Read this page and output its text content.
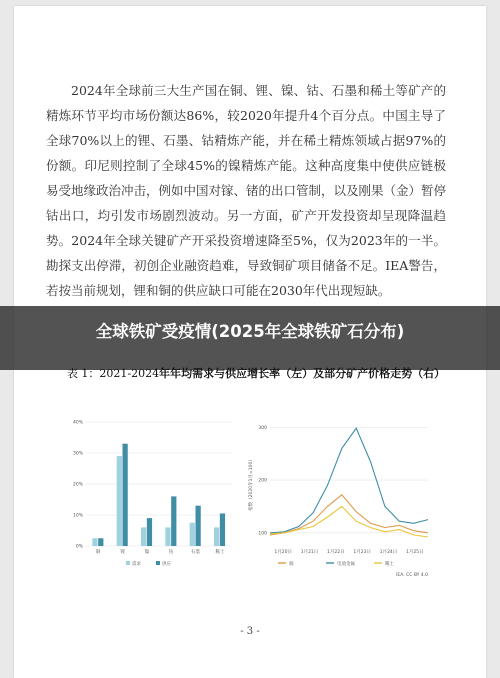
2024年全球前三大生产国在铜、锂、镍、钴、石墨和稀土等矿产的精炼环节平均市场份额达86%，较2020年提升4个百分点。中国主导了全球70%以上的锂、石墨、钴精炼产能，并在稀土精炼领域占据97%的份额。印尼则控制了全球45%的镍精炼产能。这种高度集中使供应链极易受地缘政治冲击，例如中国对镓、锗的出口管制，以及刚果（金）暂停钴出口，均引发市场剧烈波动。另一方面，矿产开发投资却呈现降温趋势。2024年全球关键矿产开采投资增速降至5%，仅为2023年的一半。勘探支出停滞，初创企业融资趋难，导致铜矿项目储备不足。IEA警告，若按当前规划，锂和铜的供应缺口可能在2030年代出现短缺。

全球铁矿受疫情(2025年全球铁矿石分布)

表 1：2021-2024年年均需求与供应增长率（左）及部分矿产价格走势（右）

0%
10%
20%
30%
40%
铜	锂	镍	钴	石墨	稀土
需求	供应
100
200
300
指数（2020年1月=100）
1月20日 1月21日 1月22日 1月23日 1月24日 1月25日
铜	电池金属	稀土
IEA. CC BY 4.0
- 3 -
